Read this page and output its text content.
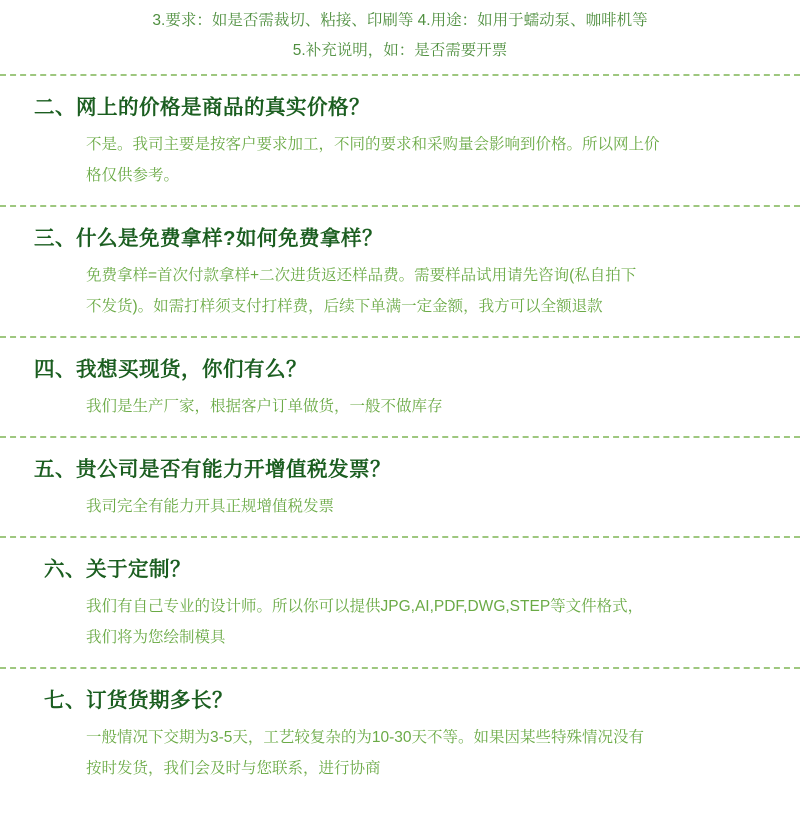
3.要求：如是否需裁切、粘接、印刷等 4.用途：如用于蠕动泵、咖啡机等
5.补充说明，如：是否需要开票
二、网上的价格是商品的真实价格？
不是。我司主要是按客户要求加工，不同的要求和采购量会影响到价格。所以网上价
格仅供参考。
三、什么是免费拿样?如何免费拿样？
免费拿样=首次付款拿样+二次进货返还样品费。需要样品试用请先咨询(私自拍下
不发货)。如需打样须支付打样费，后续下单满一定金额，我方可以全额退款
四、我想买现货，你们有么？
我们是生产厂家，根据客户订单做货，一般不做库存
五、贵公司是否有能力开增值税发票？
我司完全有能力开具正规增值税发票
六、关于定制？
我们有自己专业的设计师。所以你可以提供JPG,AI,PDF,DWG,STEP等文件格式，
我们将为您绘制模具
七、订货货期多长？
一般情况下交期为3-5天，工艺较复杂的为10-30天不等。如果因某些特殊情况没有
按时发货，我们会及时与您联系，进行协商
